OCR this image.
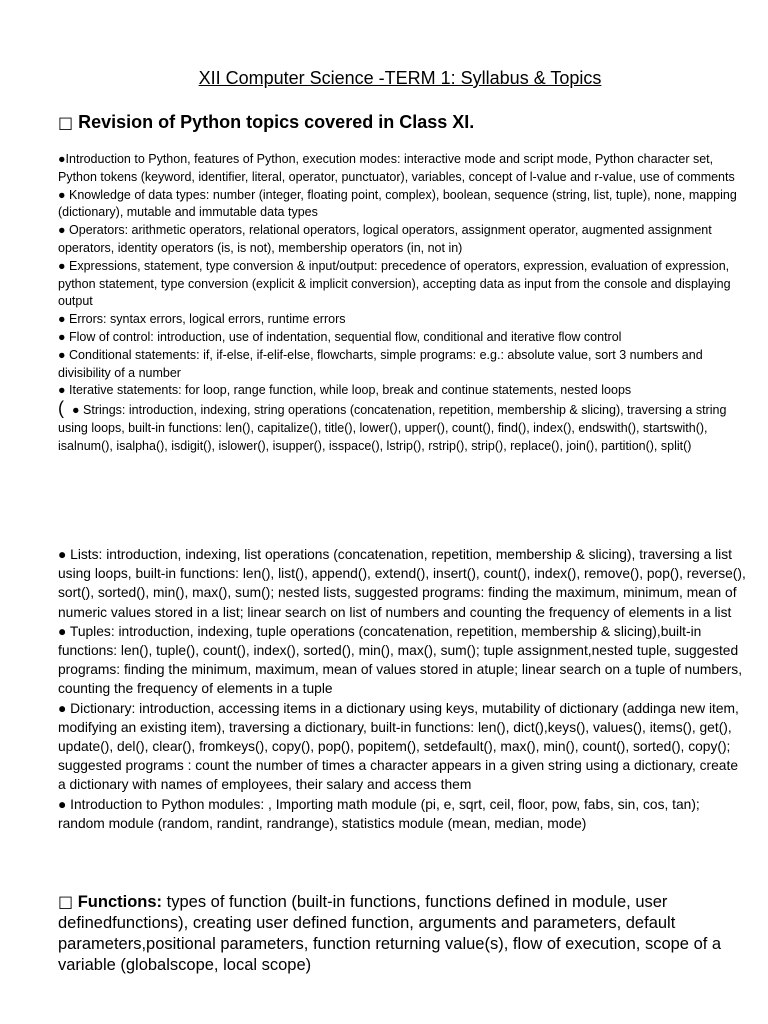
XII Computer Science -TERM 1: Syllabus & Topics
□ Revision of Python topics covered in Class XI.
●Introduction to Python, features of Python, execution modes: interactive mode and script mode, Python character set, Python tokens (keyword, identifier, literal, operator, punctuator), variables, concept of l-value and r-value, use of comments
● Knowledge of data types: number (integer, floating point, complex), boolean, sequence (string, list, tuple), none, mapping (dictionary), mutable and immutable data types
● Operators: arithmetic operators, relational operators, logical operators, assignment operator, augmented assignment operators, identity operators (is, is not), membership operators (in, not in)
● Expressions, statement, type conversion & input/output: precedence of operators, expression, evaluation of expression, python statement, type conversion (explicit & implicit conversion), accepting data as input from the console and displaying output
● Errors: syntax errors, logical errors, runtime errors
● Flow of control: introduction, use of indentation, sequential flow, conditional and iterative flow control
● Conditional statements: if, if-else, if-elif-else, flowcharts, simple programs: e.g.: absolute value, sort 3 numbers and divisibility of a number
● Iterative statements: for loop, range function, while loop, break and continue statements, nested loops
( ● Strings: introduction, indexing, string operations (concatenation, repetition, membership & slicing), traversing a string using loops, built-in functions: len(), capitalize(), title(), lower(), upper(), count(), find(), index(), endswith(), startswith(), isalnum(), isalpha(), isdigit(), islower(), isupper(), isspace(), lstrip(), rstrip(), strip(), replace(), join(), partition(), split()
● Lists: introduction, indexing, list operations (concatenation, repetition, membership & slicing), traversing a list using loops, built-in functions: len(), list(), append(), extend(), insert(), count(), index(), remove(), pop(), reverse(), sort(), sorted(), min(), max(), sum(); nested lists, suggested programs: finding the maximum, minimum, mean of numeric values stored in a list; linear search on list of numbers and counting the frequency of elements in a list
● Tuples: introduction, indexing, tuple operations (concatenation, repetition, membership & slicing),built-in functions: len(), tuple(), count(), index(), sorted(), min(), max(), sum(); tuple assignment,nested tuple, suggested programs: finding the minimum, maximum, mean of values stored in atuple; linear search on a tuple of numbers, counting the frequency of elements in a tuple
● Dictionary: introduction, accessing items in a dictionary using keys, mutability of dictionary (addinga new item, modifying an existing item), traversing a dictionary, built-in functions: len(), dict(),keys(), values(), items(), get(), update(), del(), clear(), fromkeys(), copy(), pop(), popitem(), setdefault(), max(), min(), count(), sorted(), copy(); suggested programs : count the number of times a character appears in a given string using a dictionary, create a dictionary with names of employees, their salary and access them
● Introduction to Python modules: , Importing math module (pi, e, sqrt, ceil, floor, pow, fabs, sin, cos, tan); random module (random, randint, randrange), statistics module (mean, median, mode)
□ Functions: types of function (built-in functions, functions defined in module, user definedfunctions), creating user defined function, arguments and parameters, default parameters,positional parameters, function returning value(s), flow of execution, scope of a variable (globalscope, local scope)
